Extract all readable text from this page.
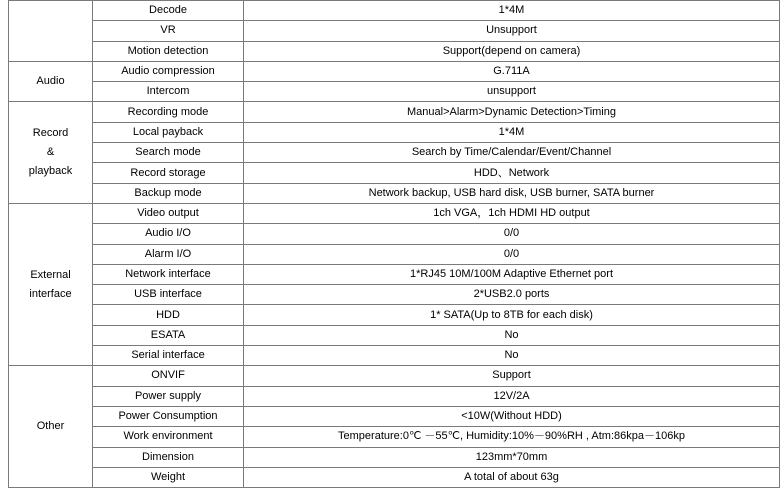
	Decode	1*4M
	VR	Unsupport
	Motion detection	Support(depend on camera)

Audio	Audio compression	G.711A
	Intercom	unsupport

Record
&
playback	Recording mode	Manual>Alarm>Dynamic Detection>Timing
	Local payback	1*4M
	Search mode	Search by Time/Calendar/Event/Channel
	Record storage	HDD、Network
	Backup mode	Network backup, USB hard disk, USB burner, SATA burner

External
interface	Video output	1ch VGA，1ch HDMI HD output
	Audio I/O	0/0
	Alarm I/O	0/0
	Network interface	1*RJ45 10M/100M Adaptive Ethernet port
	USB interface	2*USB2.0 ports
	HDD	1* SATA(Up to 8TB for each disk)
	ESATA	No
	Serial interface	No

Other	ONVIF	Support
	Power supply	12V/2A
	Power Consumption	<10W(Without HDD)
	Work environment	Temperature:0℃ －55℃, Humidity:10%－90%RH , Atm:86kpa－106kp
	Dimension	123mm*70mm
	Weight	A total of about 63g
